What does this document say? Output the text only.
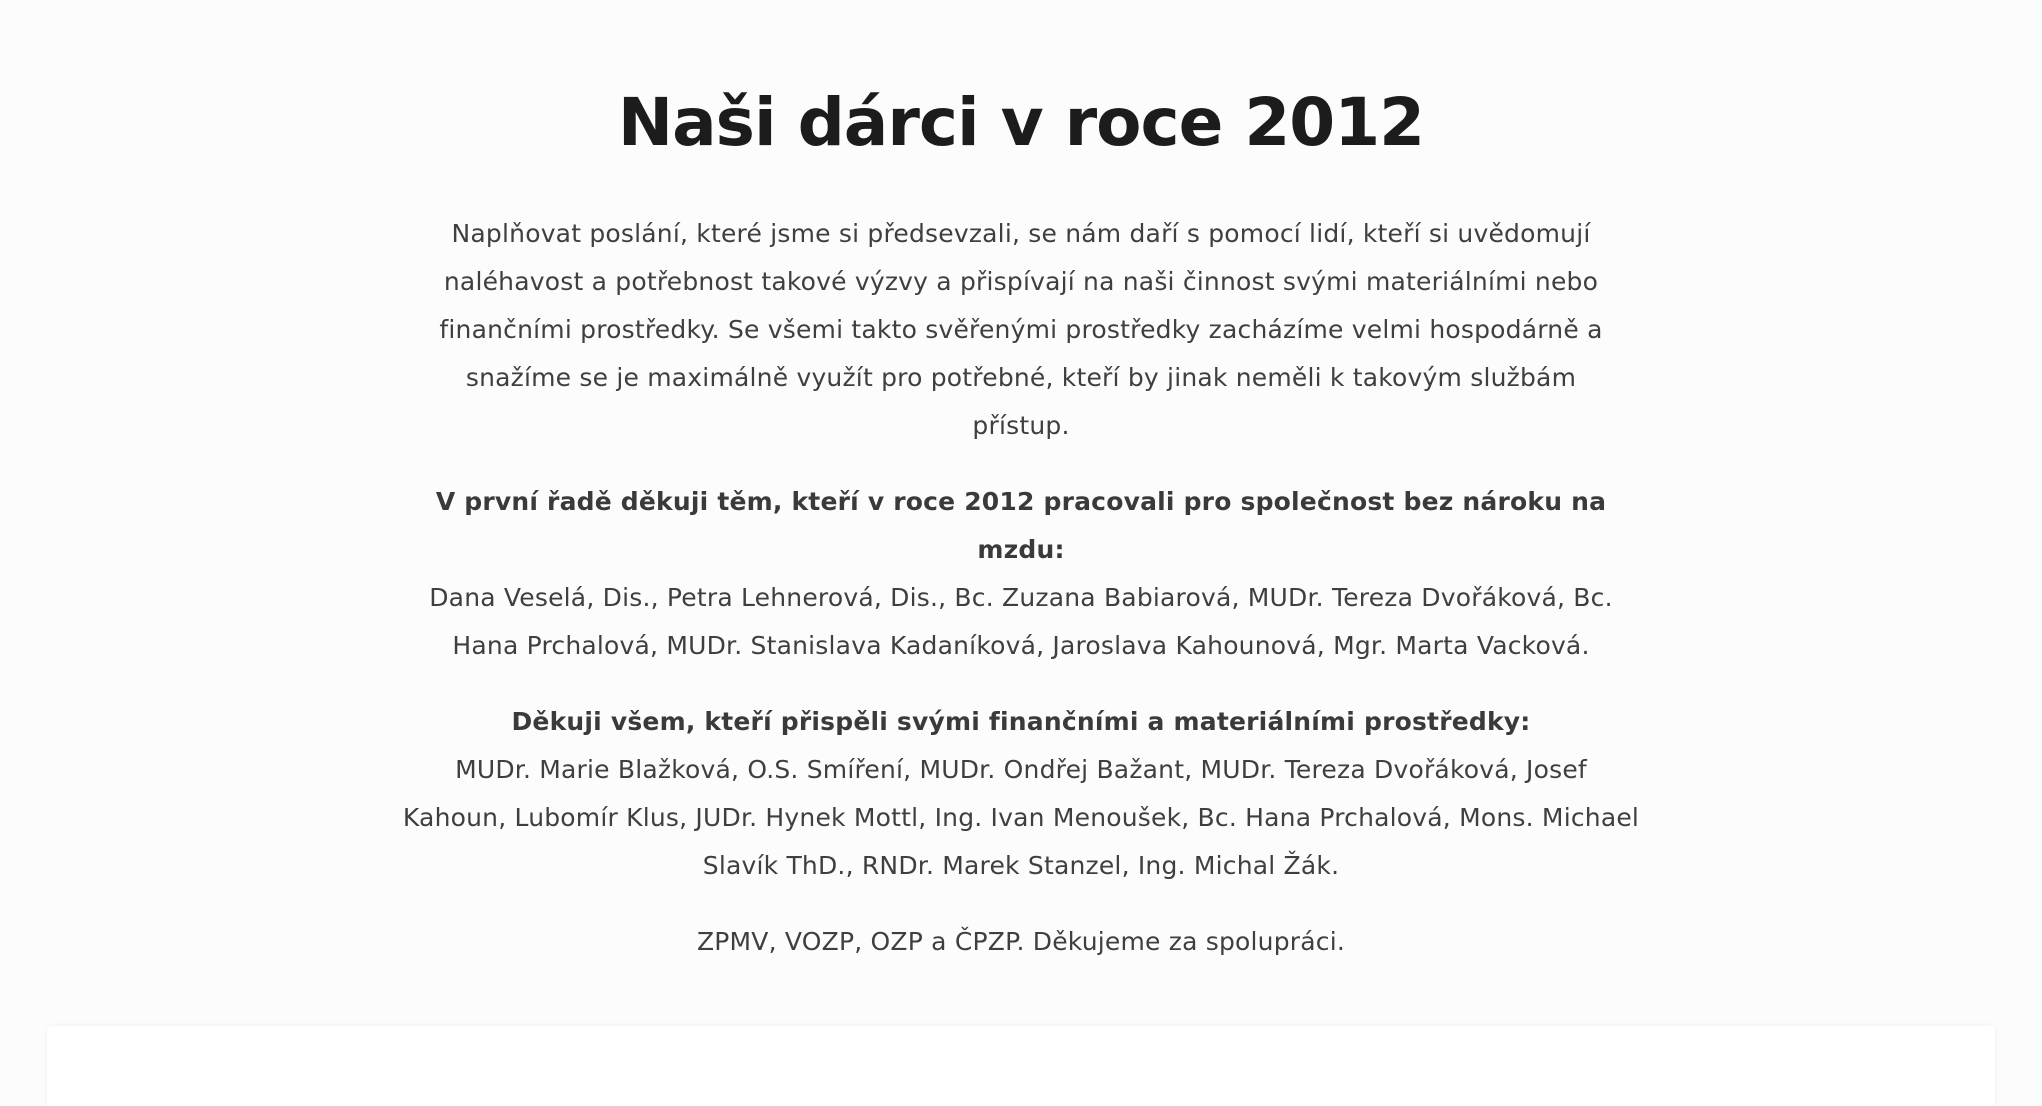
Naši dárci v roce 2012

Naplňovat poslání, které jsme si předsevzali, se nám daří s pomocí lidí, kteří si uvědomují naléhavost a potřebnost takové výzvy a přispívají na naši činnost svými materiálními nebo finančními prostředky. Se všemi takto svěřenými prostředky zacházíme velmi hospodárně a snažíme se je maximálně využít pro potřebné, kteří by jinak neměli k takovým službám přístup.

V první řadě děkuji těm, kteří v roce 2012 pracovali pro společnost bez nároku na mzdu:
Dana Veselá, Dis., Petra Lehnerová, Dis., Bc. Zuzana Babiarová, MUDr. Tereza Dvořáková, Bc. Hana Prchalová, MUDr. Stanislava Kadaníková, Jaroslava Kahounová, Mgr. Marta Vacková.

Děkuji všem, kteří přispěli svými finančními a materiálními prostředky:
MUDr. Marie Blažková, O.S. Smíření, MUDr. Ondřej Bažant, MUDr. Tereza Dvořáková, Josef Kahoun, Lubomír Klus, JUDr. Hynek Mottl, Ing. Ivan Menoušek, Bc. Hana Prchalová, Mons. Michael Slavík ThD., RNDr. Marek Stanzel, Ing. Michal Žák.

ZPMV, VOZP, OZP a ČPZP. Děkujeme za spolupráci.
